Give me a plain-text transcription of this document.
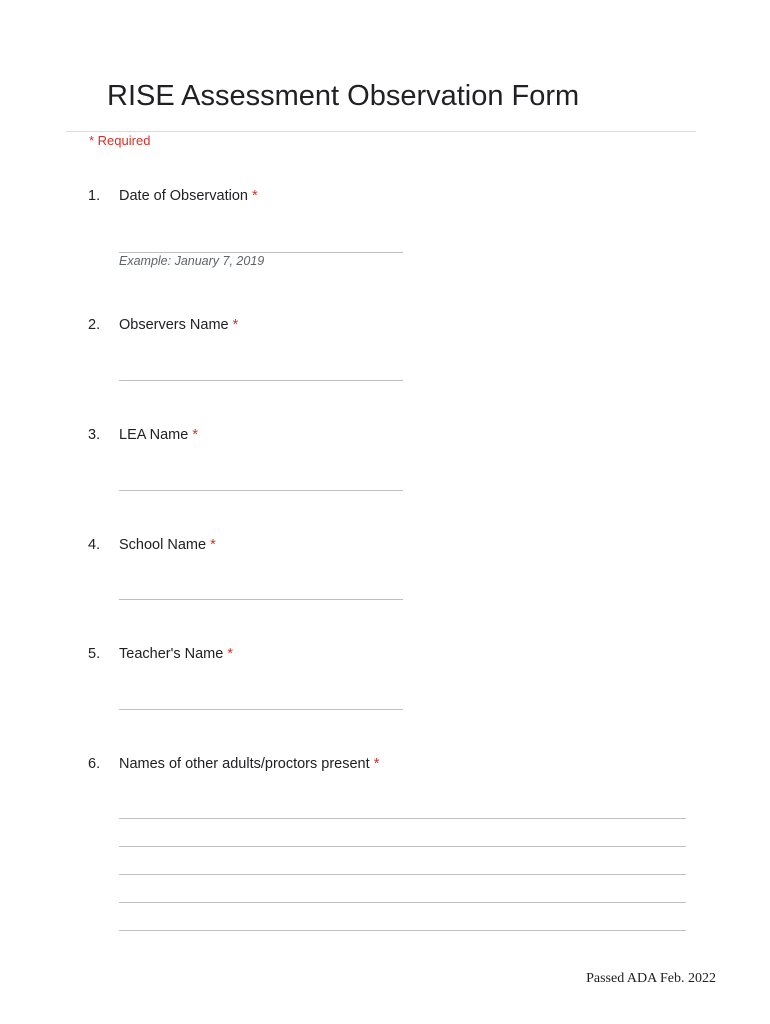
RISE Assessment Observation Form
* Required
1. Date of Observation *
Example: January 7, 2019
2. Observers Name *
3. LEA Name *
4. School Name *
5. Teacher's Name *
6. Names of other adults/proctors present *
Passed ADA Feb. 2022
